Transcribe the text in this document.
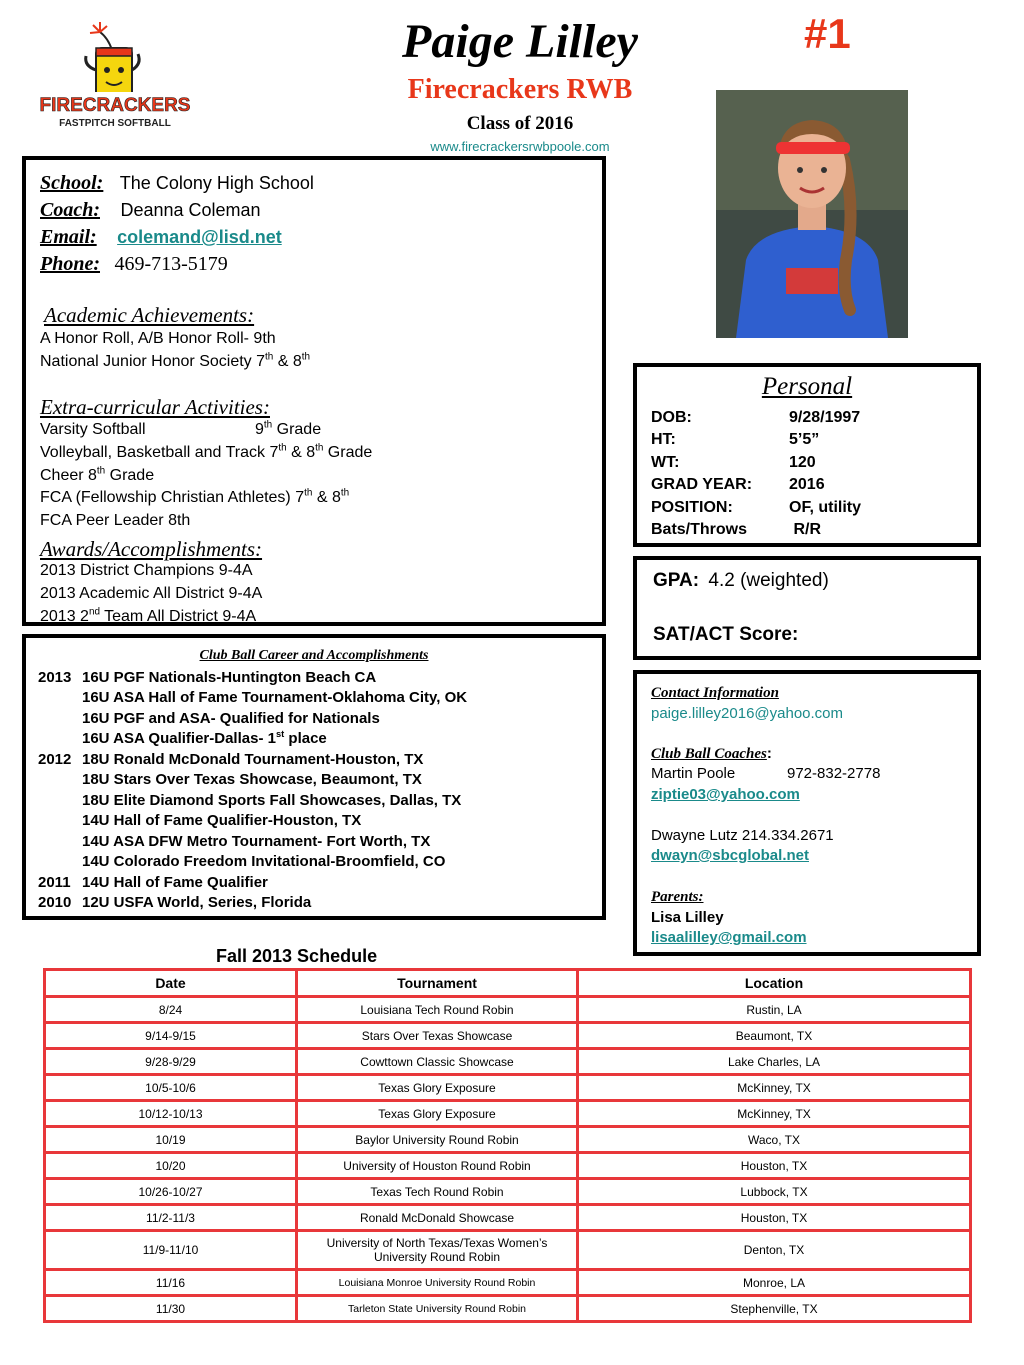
FIRECRACKERS
FASTPITCH SOFTBALL
Paige Lilley
Firecrackers RWB
Class of 2016
www.firecrackersrwbpoole.com
#1
School: The Colony High School
Coach: Deanna Coleman
Email: colemand@lisd.net
Phone: 469-713-5179
Academic Achievements:
A Honor Roll, A/B Honor Roll- 9th
National Junior Honor Society 7th & 8th
Extra-curricular Activities:
Varsity Softball	9th Grade
Volleyball, Basketball and Track 7th & 8th Grade
Cheer 8th Grade
FCA (Fellowship Christian Athletes) 7th & 8th
FCA Peer Leader 8th
Awards/Accomplishments:
2013 District Champions 9-4A
2013 Academic All District 9-4A
2013 2nd Team All District 9-4A
Personal
DOB:	9/28/1997
HT:	5’5”
WT:	120
GRAD YEAR: 2016
POSITION:	OF, utility
Bats/Throws	R/R
GPA: 4.2 (weighted)
SAT/ACT Score:
Club Ball Career and Accomplishments
2013 16U PGF Nationals-Huntington Beach CA
16U ASA Hall of Fame Tournament-Oklahoma City, OK
16U PGF and ASA- Qualified for Nationals
16U ASA Qualifier-Dallas- 1st place
2012 18U Ronald McDonald Tournament-Houston, TX
18U Stars Over Texas Showcase, Beaumont, TX
18U Elite Diamond Sports Fall Showcases, Dallas, TX
14U Hall of Fame Qualifier-Houston, TX
14U ASA DFW Metro Tournament- Fort Worth, TX
14U Colorado Freedom Invitational-Broomfield, CO
2011 14U Hall of Fame Qualifier
2010 12U USFA World, Series, Florida
Contact Information
paige.lilley2016@yahoo.com
Club Ball Coaches:
Martin Poole	972-832-2778
ziptie03@yahoo.com
Dwayne Lutz 214.334.2671
dwayn@sbcglobal.net
Parents:
Lisa Lilley
lisaalilley@gmail.com
Fall 2013 Schedule
Date	Tournament	Location
8/24	Louisiana Tech Round Robin	Rustin, LA
9/14-9/15	Stars Over Texas Showcase	Beaumont, TX
9/28-9/29	Cowttown Classic Showcase	Lake Charles, LA
10/5-10/6	Texas Glory Exposure	McKinney, TX
10/12-10/13	Texas Glory Exposure	McKinney, TX
10/19	Baylor University Round Robin	Waco, TX
10/20	University of Houston Round Robin	Houston, TX
10/26-10/27	Texas Tech Round Robin	Lubbock, TX
11/2-11/3	Ronald McDonald Showcase	Houston, TX
11/9-11/10	University of North Texas/Texas Women’s University Round Robin	Denton, TX
11/16	Louisiana Monroe University Round Robin	Monroe, LA
11/30	Tarleton State University Round Robin	Stephenville, TX
